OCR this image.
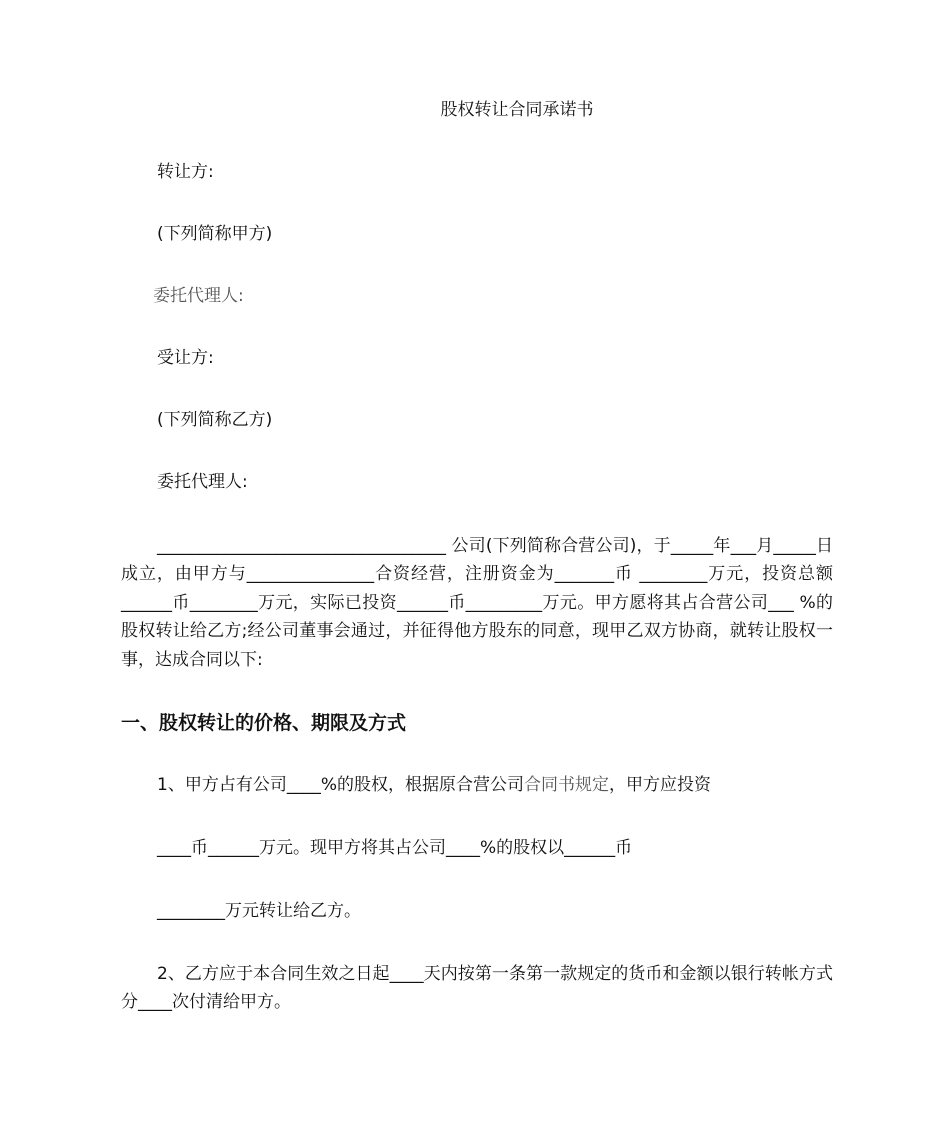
股权转让合同承诺书
转让方:
(下列简称甲方)
委托代理人:
受让方:
(下列简称乙方)
委托代理人:
__________________________________ 公司(下列简称合营公司)，于_____年___月_____日成立，由甲方与_______________合资经营，注册资金为_______币 ________万元，投资总额______币________万元，实际已投资______币_________万元。甲方愿将其占合营公司___ %的股权转让给乙方;经公司董事会通过，并征得他方股东的同意，现甲乙双方协商，就转让股权一事，达成合同以下:
一、股权转让的价格、期限及方式
1、甲方占有公司____%的股权，根据原合营公司合同书规定，甲方应投资
____币______万元。现甲方将其占公司____%的股权以______币
________万元转让给乙方。
2、乙方应于本合同生效之日起____天内按第一条第一款规定的货币和金额以银行转帐方式分____次付清给甲方。
